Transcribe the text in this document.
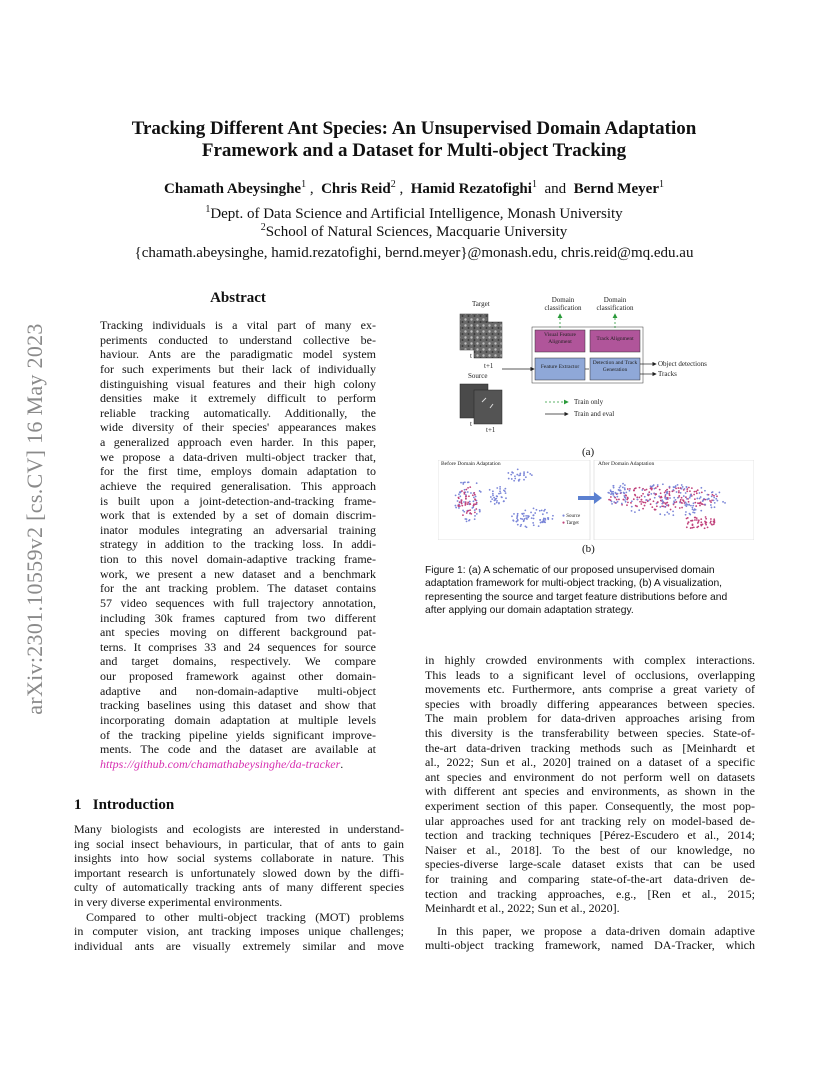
arXiv:2301.10559v2 [cs.CV] 16 May 2023
Tracking Different Ant Species: An Unsupervised Domain Adaptation
Framework and a Dataset for Multi-object Tracking
Chamath Abeysinghe$^1$ ,  Chris Reid$^2$ ,  Hamid Rezatofighi$^1$ and Bernd Meyer$^1$
$^1$Dept. of Data Science and Artificial Intelligence, Monash University
$^2$School of Natural Sciences, Macquarie University
{chamath.abeysinghe, hamid.rezatofighi, bernd.meyer}@monash.edu, chris.reid@mq.edu.au
Abstract
Tracking individuals is a vital part of many ex-
periments conducted to understand collective be-
haviour. Ants are the paradigmatic model system
for such experiments but their lack of individually
distinguishing visual features and their high colony
densities make it extremely difficult to perform
reliable tracking automatically. Additionally, the
wide diversity of their species' appearances makes
a generalized approach even harder. In this paper,
we propose a data-driven multi-object tracker that,
for the first time, employs domain adaptation to
achieve the required generalisation. This approach
is built upon a joint-detection-and-tracking frame-
work that is extended by a set of domain discrim-
inator modules integrating an adversarial training
strategy in addition to the tracking loss. In addi-
tion to this novel domain-adaptive tracking frame-
work, we present a new dataset and a benchmark
for the ant tracking problem. The dataset contains
57 video sequences with full trajectory annotation,
including 30k frames captured from two different
ant species moving on different background pat-
terns. It comprises 33 and 24 sequences for source
and target domains, respectively. We compare
our proposed framework against other domain-
adaptive and non-domain-adaptive multi-object
tracking baselines using this dataset and show that
incorporating domain adaptation at multiple levels
of the tracking pipeline yields significant improve-
ments. The code and the dataset are available at
https://github.com/chamathabeysinghe/da-tracker.
1 Introduction
Many biologists and ecologists are interested in understand-
ing social insect behaviours, in particular, that of ants to gain
insights into how social systems collaborate in nature. This
important research is unfortunately slowed down by the diffi-
culty of automatically tracking ants of many different species
in very diverse experimental environments.
Compared to other multi-object tracking (MOT) problems
in computer vision, ant tracking imposes unique challenges;
individual ants are visually extremely similar and move
in highly crowded environments with complex interactions.
This leads to a significant level of occlusions, overlapping
movements etc. Furthermore, ants comprise a great variety of
species with broadly differing appearances between species.
The main problem for data-driven approaches arising from
this diversity is the transferability between species. State-of-
the-art data-driven tracking methods such as [Meinhardt et
al., 2022; Sun et al., 2020] trained on a dataset of a specific
ant species and environment do not perform well on datasets
with different ant species and environments, as shown in the
experiment section of this paper. Consequently, the most pop-
ular approaches used for ant tracking rely on model-based de-
tection and tracking techniques [Pérez-Escudero et al., 2014;
Naiser et al., 2018]. To the best of our knowledge, no
species-diverse large-scale dataset exists that can be used
for training and comparing state-of-the-art data-driven de-
tection and tracking approaches, e.g., [Ren et al., 2015;
Meinhardt et al., 2022; Sun et al., 2020].
In this paper, we propose a data-driven domain adaptive
multi-object tracking framework, named DA-Tracker, which
Target
Source
t
t+1
t
t+1
Domain classification
Domain classification
Visual Feature Alignment	Track Alignment
Feature Extractor
Detection and Track Generation
Object detections
Tracks
Train only
Train and eval
(a)
Before Domain Adaptation	After Domain Adaptation
● Source
● Target
(b)
Figure 1: (a) A schematic of our proposed unsupervised domain
adaptation framework for multi-object tracking, (b) A visualization,
representing the source and target feature distributions before and
after applying our domain adaptation strategy.
